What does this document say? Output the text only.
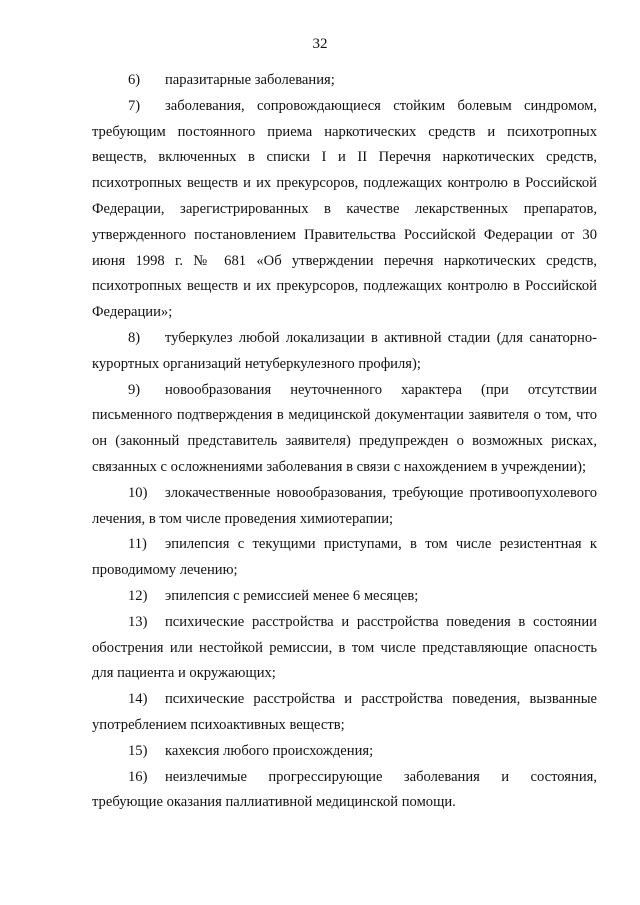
32

6) паразитарные заболевания;

7) заболевания, сопровождающиеся стойким болевым синдромом, требующим постоянного приема наркотических средств и психотропных веществ, включенных в списки I и II Перечня наркотических средств, психотропных веществ и их прекурсоров, подлежащих контролю в Российской Федерации, зарегистрированных в качестве лекарственных препаратов, утвержденного постановлением Правительства Российской Федерации от 30 июня 1998 г. № 681 «Об утверждении перечня наркотических средств, психотропных веществ и их прекурсоров, подлежащих контролю в Российской Федерации»;

8) туберкулез любой локализации в активной стадии (для санаторно-курортных организаций нетуберкулезного профиля);

9) новообразования неуточненного характера (при отсутствии письменного подтверждения в медицинской документации заявителя о том, что он (законный представитель заявителя) предупрежден о возможных рисках, связанных с осложнениями заболевания в связи с нахождением в учреждении);

10) злокачественные новообразования, требующие противоопухолевого лечения, в том числе проведения химиотерапии;

11) эпилепсия с текущими приступами, в том числе резистентная к проводимому лечению;

12) эпилепсия с ремиссией менее 6 месяцев;

13) психические расстройства и расстройства поведения в состоянии обострения или нестойкой ремиссии, в том числе представляющие опасность для пациента и окружающих;

14) психические расстройства и расстройства поведения, вызванные употреблением психоактивных веществ;

15) кахексия любого происхождения;

16) неизлечимые прогрессирующие заболевания и состояния, требующие оказания паллиативной медицинской помощи.
